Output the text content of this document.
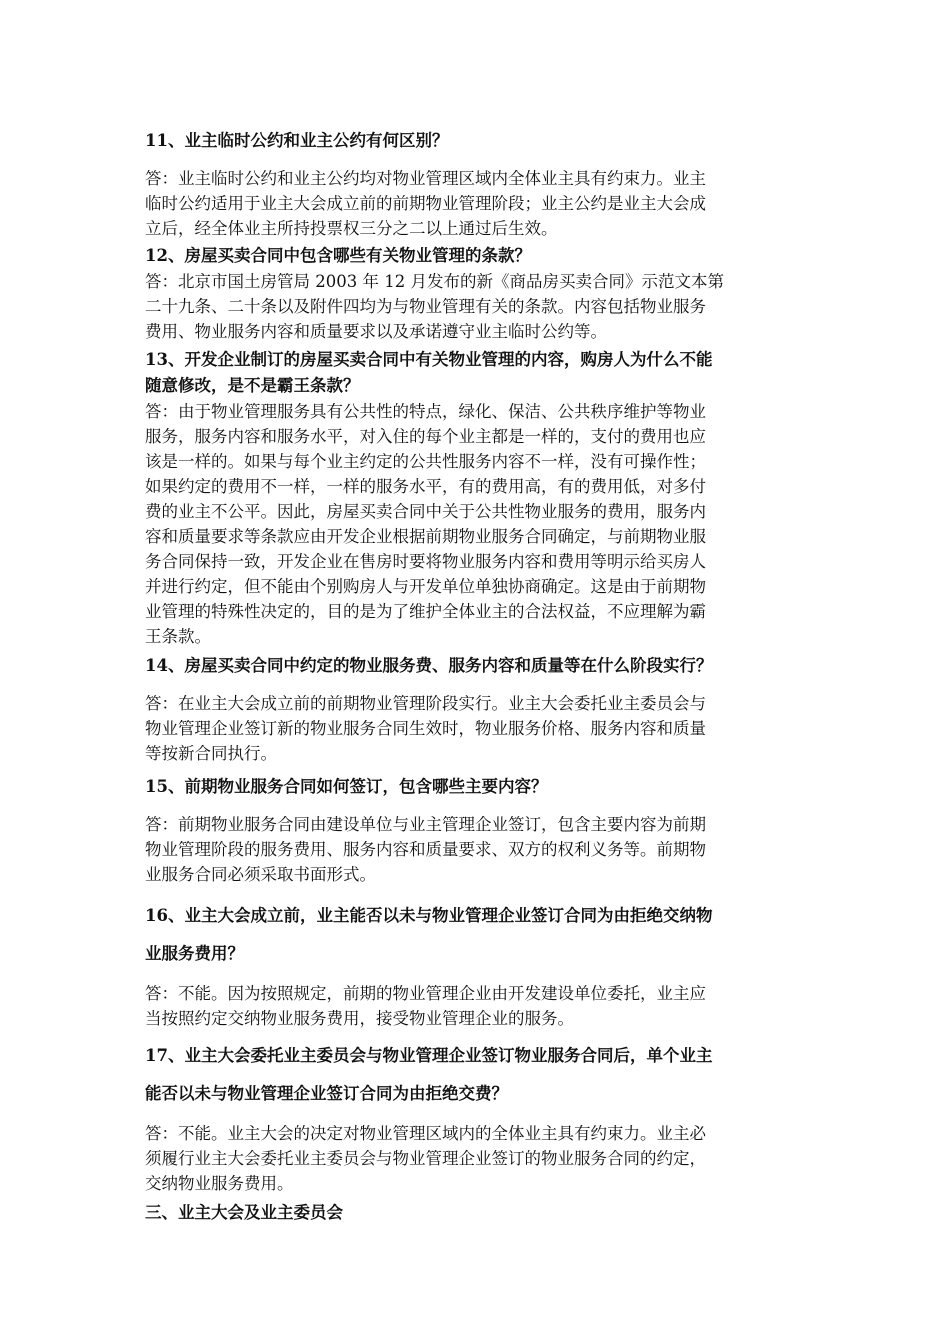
11、业主临时公约和业主公约有何区别？

答：业主临时公约和业主公约均对物业管理区域内全体业主具有约束力。业主
临时公约适用于业主大会成立前的前期物业管理阶段；业主公约是业主大会成
立后，经全体业主所持投票权三分之二以上通过后生效。

12、房屋买卖合同中包含哪些有关物业管理的条款？

答：北京市国土房管局 2003 年 12 月发布的新《商品房买卖合同》示范文本第
二十九条、二十条以及附件四均为与物业管理有关的条款。内容包括物业服务
费用、物业服务内容和质量要求以及承诺遵守业主临时公约等。

13、开发企业制订的房屋买卖合同中有关物业管理的内容，购房人为什么不能
随意修改，是不是霸王条款？

答：由于物业管理服务具有公共性的特点，绿化、保洁、公共秩序维护等物业
服务，服务内容和服务水平，对入住的每个业主都是一样的，支付的费用也应
该是一样的。如果与每个业主约定的公共性服务内容不一样，没有可操作性；
如果约定的费用不一样，一样的服务水平，有的费用高，有的费用低，对多付
费的业主不公平。因此，房屋买卖合同中关于公共性物业服务的费用，服务内
容和质量要求等条款应由开发企业根据前期物业服务合同确定，与前期物业服
务合同保持一致，开发企业在售房时要将物业服务内容和费用等明示给买房人
并进行约定，但不能由个别购房人与开发单位单独协商确定。这是由于前期物
业管理的特殊性决定的，目的是为了维护全体业主的合法权益，不应理解为霸
王条款。

14、房屋买卖合同中约定的物业服务费、服务内容和质量等在什么阶段实行？

答：在业主大会成立前的前期物业管理阶段实行。业主大会委托业主委员会与
物业管理企业签订新的物业服务合同生效时，物业服务价格、服务内容和质量
等按新合同执行。

15、前期物业服务合同如何签订，包含哪些主要内容？

答：前期物业服务合同由建设单位与业主管理企业签订，包含主要内容为前期
物业管理阶段的服务费用、服务内容和质量要求、双方的权利义务等。前期物
业服务合同必须采取书面形式。

16、业主大会成立前，业主能否以未与物业管理企业签订合同为由拒绝交纳物
业服务费用？

答：不能。因为按照规定，前期的物业管理企业由开发建设单位委托，业主应
当按照约定交纳物业服务费用，接受物业管理企业的服务。

17、业主大会委托业主委员会与物业管理企业签订物业服务合同后，单个业主
能否以未与物业管理企业签订合同为由拒绝交费？

答：不能。业主大会的决定对物业管理区域内的全体业主具有约束力。业主必
须履行业主大会委托业主委员会与物业管理企业签订的物业服务合同的约定，
交纳物业服务费用。

三、业主大会及业主委员会
